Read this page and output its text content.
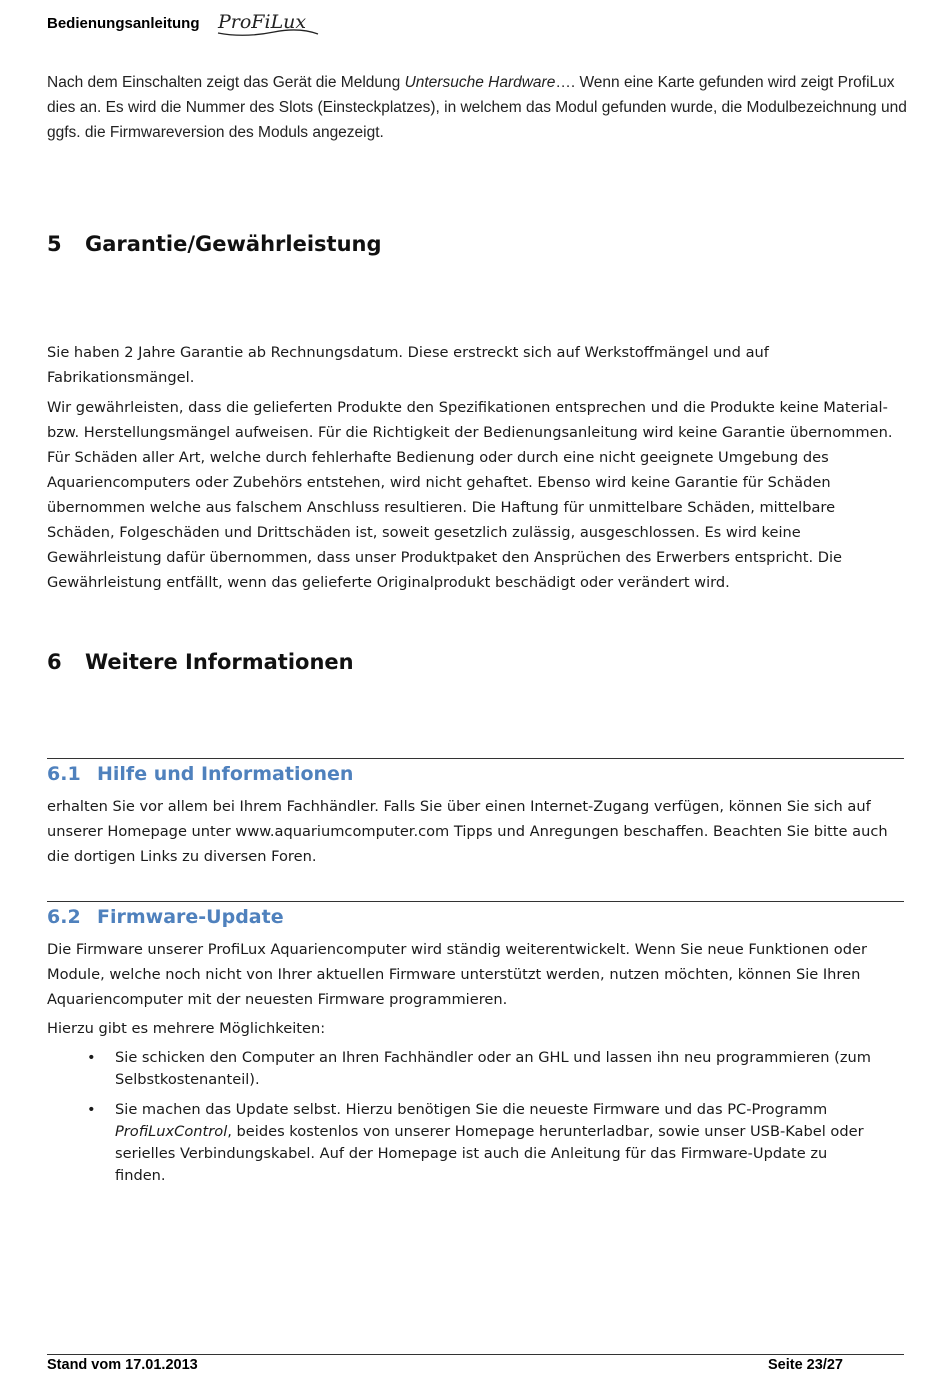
Bedienungsanleitung ProFiLux
Nach dem Einschalten zeigt das Gerät die Meldung Untersuche Hardware…. Wenn eine Karte gefunden wird zeigt ProfiLux dies an. Es wird die Nummer des Slots (Einsteckplatzes), in welchem das Modul gefunden wurde, die Modulbezeichnung und ggfs. die Firmwareversion des Moduls angezeigt.
5 Garantie/Gewährleistung
Sie haben 2 Jahre Garantie ab Rechnungsdatum. Diese erstreckt sich auf Werkstoffmängel und auf Fabrikationsmängel.
Wir gewährleisten, dass die gelieferten Produkte den Spezifikationen entsprechen und die Produkte keine Material- bzw. Herstellungsmängel aufweisen. Für die Richtigkeit der Bedienungsanleitung wird keine Garantie übernommen. Für Schäden aller Art, welche durch fehlerhafte Bedienung oder durch eine nicht geeignete Umgebung des Aquariencomputers oder Zubehörs entstehen, wird nicht gehaftet. Ebenso wird keine Garantie für Schäden übernommen welche aus falschem Anschluss resultieren. Die Haftung für unmittelbare Schäden, mittelbare Schäden, Folgeschäden und Drittschäden ist, soweit gesetzlich zulässig, ausgeschlossen. Es wird keine Gewährleistung dafür übernommen, dass unser Produktpaket den Ansprüchen des Erwerbers entspricht. Die Gewährleistung entfällt, wenn das gelieferte Originalprodukt beschädigt oder verändert wird.
6 Weitere Informationen
6.1 Hilfe und Informationen
erhalten Sie vor allem bei Ihrem Fachhändler. Falls Sie über einen Internet-Zugang verfügen, können Sie sich auf unserer Homepage unter www.aquariumcomputer.com Tipps und Anregungen beschaffen. Beachten Sie bitte auch die dortigen Links zu diversen Foren.
6.2 Firmware-Update
Die Firmware unserer ProfiLux Aquariencomputer wird ständig weiterentwickelt. Wenn Sie neue Funktionen oder Module, welche noch nicht von Ihrer aktuellen Firmware unterstützt werden, nutzen möchten, können Sie Ihren Aquariencomputer mit der neuesten Firmware programmieren.
Hierzu gibt es mehrere Möglichkeiten:
• Sie schicken den Computer an Ihren Fachhändler oder an GHL und lassen ihn neu programmieren (zum Selbstkostenanteil).
• Sie machen das Update selbst. Hierzu benötigen Sie die neueste Firmware und das PC-Programm ProfiLuxControl, beides kostenlos von unserer Homepage herunterladbar, sowie unser USB-Kabel oder serielles Verbindungskabel. Auf der Homepage ist auch die Anleitung für das Firmware-Update zu finden.
Stand vom 17.01.2013	Seite 23/27
